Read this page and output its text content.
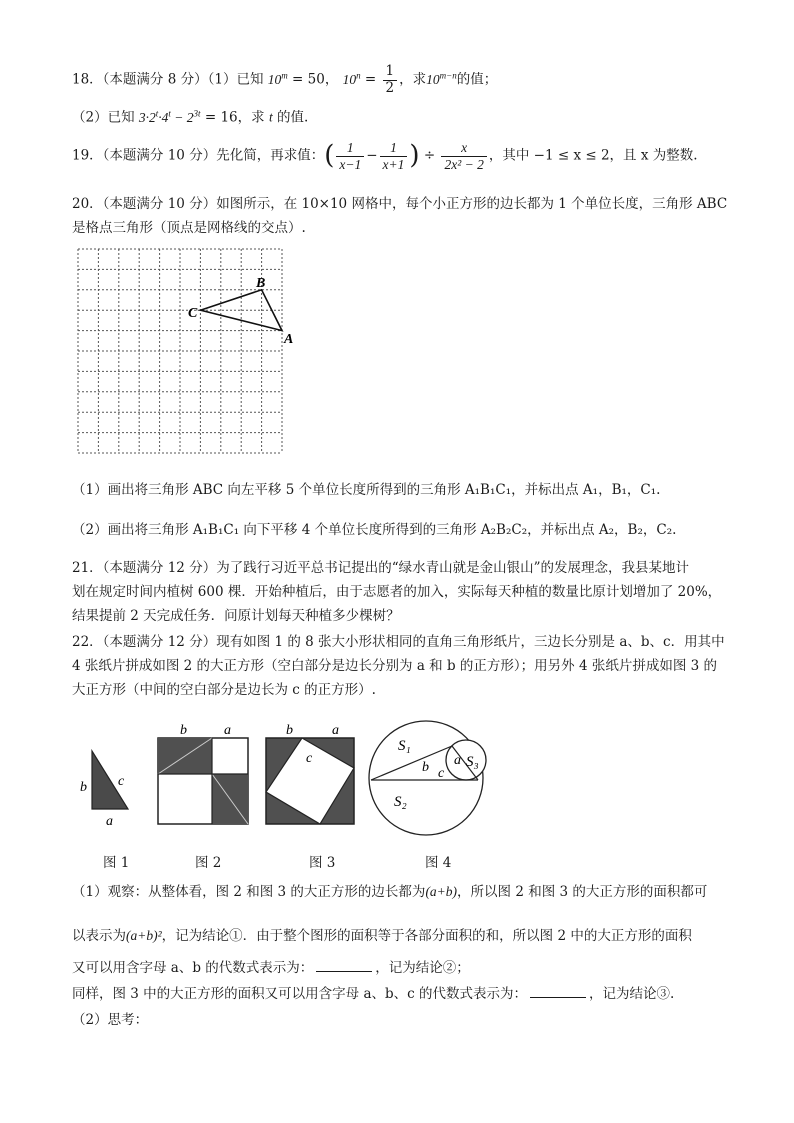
18．（本题满分 8 分）（1）已知 $10^m = 50$， $10^n = \frac{1}{2}$ ，求$10^{m-n}$的值；
（2）已知 $3\cdot 2^t\cdot 4^t - 2^{3t} = 16$，求 t 的值.
19．（本题满分 10 分）先化简，再求值：( $\frac{1}{x-1} - \frac{1}{x+1}$ ) ÷ $\frac{x}{\text{2x² − 2}}$ ，其中 −1 ≤ x ≤ 2，且 x 为整数.
20．（本题满分 10 分）如图所示，在 10×10 网格中，每个小正方形的边长都为 1 个单位长度，三角形 ABC
是格点三角形（顶点是网格线的交点）.
A
B
C
（1）画出将三角形 ABC 向左平移 5 个单位长度所得到的三角形 A₁B₁C₁，并标出点 A₁，B₁，C₁.
（2）画出将三角形 A₁B₁C₁ 向下平移 4 个单位长度所得到的三角形 A₂B₂C₂，并标出点 A₂，B₂，C₂.
21．（本题满分 12 分）为了践行习近平总书记提出的“绿水青山就是金山银山”的发展理念，我县某地计
划在规定时间内植树 600 棵．开始种植后，由于志愿者的加入，实际每天种植的数量比原计划增加了 20%，
结果提前 2 天完成任务．问原计划每天种植多少棵树？
22．（本题满分 12 分）现有如图 1 的 8 张大小形状相同的直角三角形纸片，三边长分别是 a、b、c．用其中
4 张纸片拼成如图 2 的大正方形（空白部分是边长分别为 a 和 b 的正方形）；用另外 4 张纸片拼成如图 3 的
大正方形（中间的空白部分是边长为 c 的正方形）.
b c
a
b	a	b	a
c
S₁
S₂
S₃
b c
a
图 1	图 2	图 3	图 4
（1）观察：从整体看，图 2 和图 3 的大正方形的边长都为(a+b)，所以图 2 和图 3 的大正方形的面积都可
以表示为(a+b)²，记为结论①．由于整个图形的面积等于各部分面积的和，所以图 2 中的大正方形的面积
又可以用含字母 a、b 的代数式表示为：	，记为结论②；
同样，图 3 中的大正方形的面积又可以用含字母 a、b、c 的代数式表示为：	，记为结论③.
（2）思考：
